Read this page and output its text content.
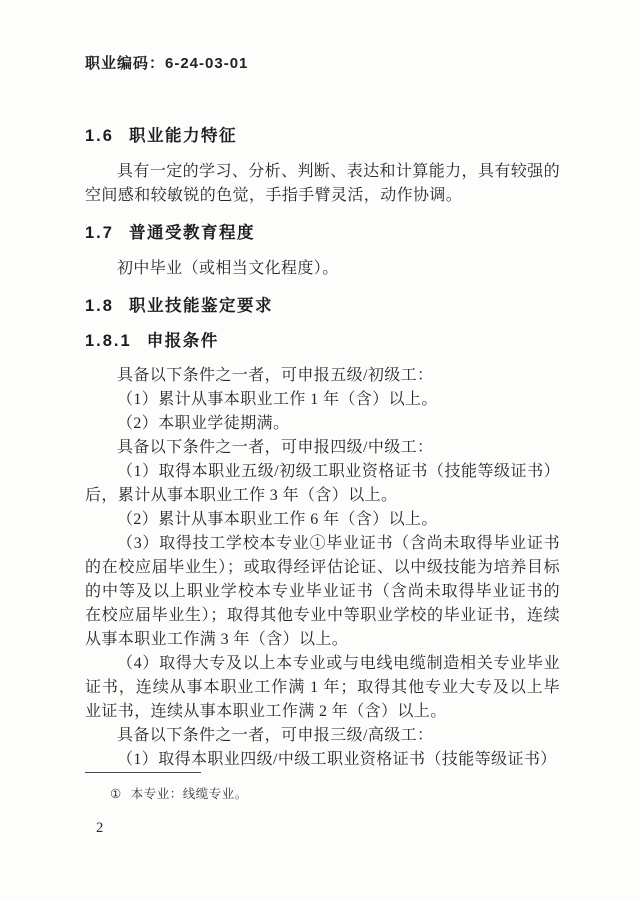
职业编码：6-24-03-01
1.6 职业能力特征

具有一定的学习、分析、判断、表达和计算能力，具有较强的空间感和较敏锐的色觉，手指手臂灵活，动作协调。

1.7 普通受教育程度

初中毕业（或相当文化程度）。

1.8 职业技能鉴定要求
1.8.1 申报条件

具备以下条件之一者，可申报五级/初级工：

（1）累计从事本职业工作 1 年（含）以上。

（2）本职业学徒期满。

具备以下条件之一者，可申报四级/中级工：

（1）取得本职业五级/初级工职业资格证书（技能等级证书）后，累计从事本职业工作 3 年（含）以上。

（2）累计从事本职业工作 6 年（含）以上。

（3）取得技工学校本专业①毕业证书（含尚未取得毕业证书的在校应届毕业生）；或取得经评估论证、以中级技能为培养目标的中等及以上职业学校本专业毕业证书（含尚未取得毕业证书的在校应届毕业生）；取得其他专业中等职业学校的毕业证书，连续从事本职业工作满 3 年（含）以上。

（4）取得大专及以上本专业或与电线电缆制造相关专业毕业证书，连续从事本职业工作满 1 年；取得其他专业大专及以上毕业证书，连续从事本职业工作满 2 年（含）以上。

具备以下条件之一者，可申报三级/高级工：

（1）取得本职业四级/中级工职业资格证书（技能等级证书）

① 本专业：线缆专业。
2
